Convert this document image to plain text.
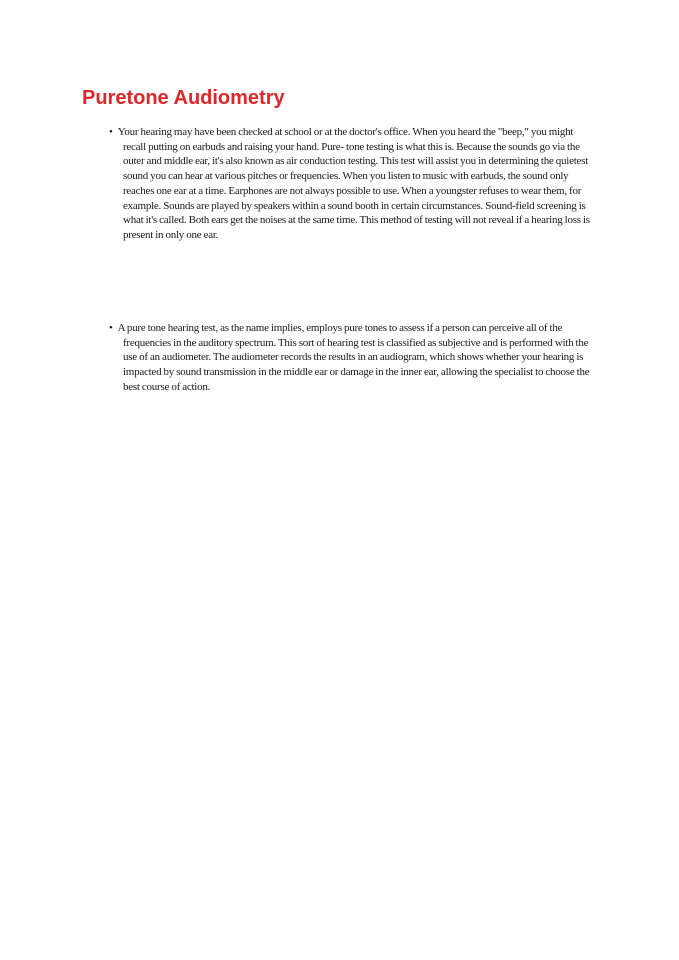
Puretone Audiometry
• Your hearing may have been checked at school or at the doctor's office. When you heard the "beep," you might recall putting on earbuds and raising your hand. Pure- tone testing is what this is. Because the sounds go via the outer and middle ear, it's also known as air conduction testing. This test will assist you in determining the quietest sound you can hear at various pitches or frequencies. When you listen to music with earbuds, the sound only reaches one ear at a time. Earphones are not always possible to use. When a youngster refuses to wear them, for example. Sounds are played by speakers within a sound booth in certain circumstances. Sound-field screening is what it's called. Both ears get the noises at the same time. This method of testing will not reveal if a hearing loss is present in only one ear.
• A pure tone hearing test, as the name implies, employs pure tones to assess if a person can perceive all of the frequencies in the auditory spectrum. This sort of hearing test is classified as subjective and is performed with the use of an audiometer. The audiometer records the results in an audiogram, which shows whether your hearing is impacted by sound transmission in the middle ear or damage in the inner ear, allowing the specialist to choose the best course of action.
